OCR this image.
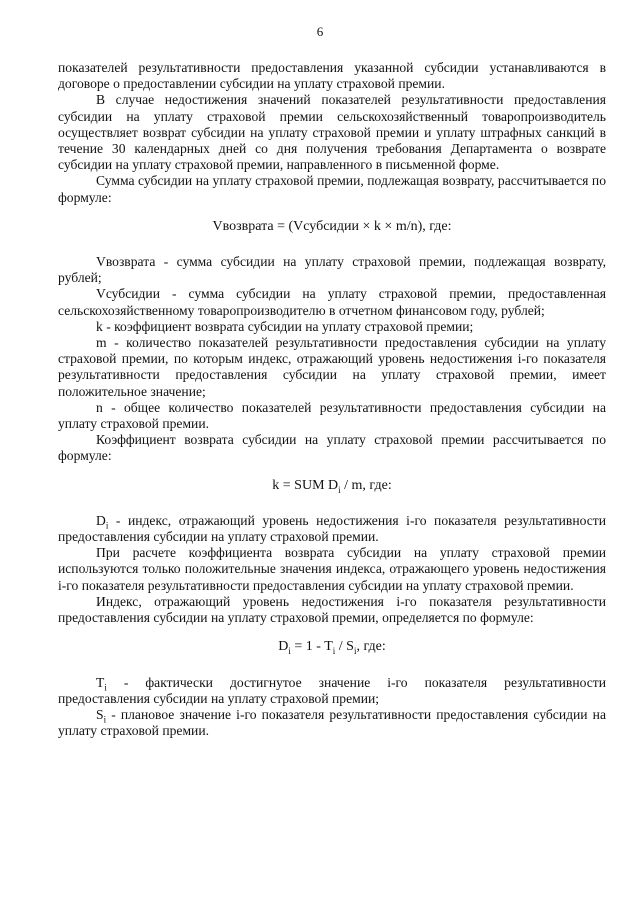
6

показателей результативности предоставления указанной субсидии устанавливаются в договоре о предоставлении субсидии на уплату страховой премии.

В случае недостижения значений показателей результативности предоставления субсидии на уплату страховой премии сельскохозяйственный товаропроизводитель осуществляет возврат субсидии на уплату страховой премии и уплату штрафных санкций в течение 30 календарных дней со дня получения требования Департамента о возврате субсидии на уплату страховой премии, направленного в письменной форме.

Сумма субсидии на уплату страховой премии, подлежащая возврату, рассчитывается по формуле:

Vвозврата = (Vсубсидии × k × m/n), где:

Vвозврата - сумма субсидии на уплату страховой премии, подлежащая возврату, рублей;

Vсубсидии - сумма субсидии на уплату страховой премии, предоставленная сельскохозяйственному товаропроизводителю в отчетном финансовом году, рублей;

k - коэффициент возврата субсидии на уплату страховой премии;

m - количество показателей результативности предоставления субсидии на уплату страховой премии, по которым индекс, отражающий уровень недостижения i-го показателя результативности предоставления субсидии на уплату страховой премии, имеет положительное значение;

n - общее количество показателей результативности предоставления субсидии на уплату страховой премии.

Коэффициент возврата субсидии на уплату страховой премии рассчитывается по формуле:

k = SUM $D_i$ / m, где:

$D_i$ - индекс, отражающий уровень недостижения i-го показателя результативности предоставления субсидии на уплату страховой премии.

При расчете коэффициента возврата субсидии на уплату страховой премии используются только положительные значения индекса, отражающего уровень недостижения i-го показателя результативности предоставления субсидии на уплату страховой премии.

Индекс, отражающий уровень недостижения i-го показателя результативности предоставления субсидии на уплату страховой премии, определяется по формуле:

$D_i = 1 - T_i / S_i$, где:

$T_i$ - фактически достигнутое значение i-го показателя результативности предоставления субсидии на уплату страховой премии;

$S_i$ - плановое значение i-го показателя результативности предоставления субсидии на уплату страховой премии.
